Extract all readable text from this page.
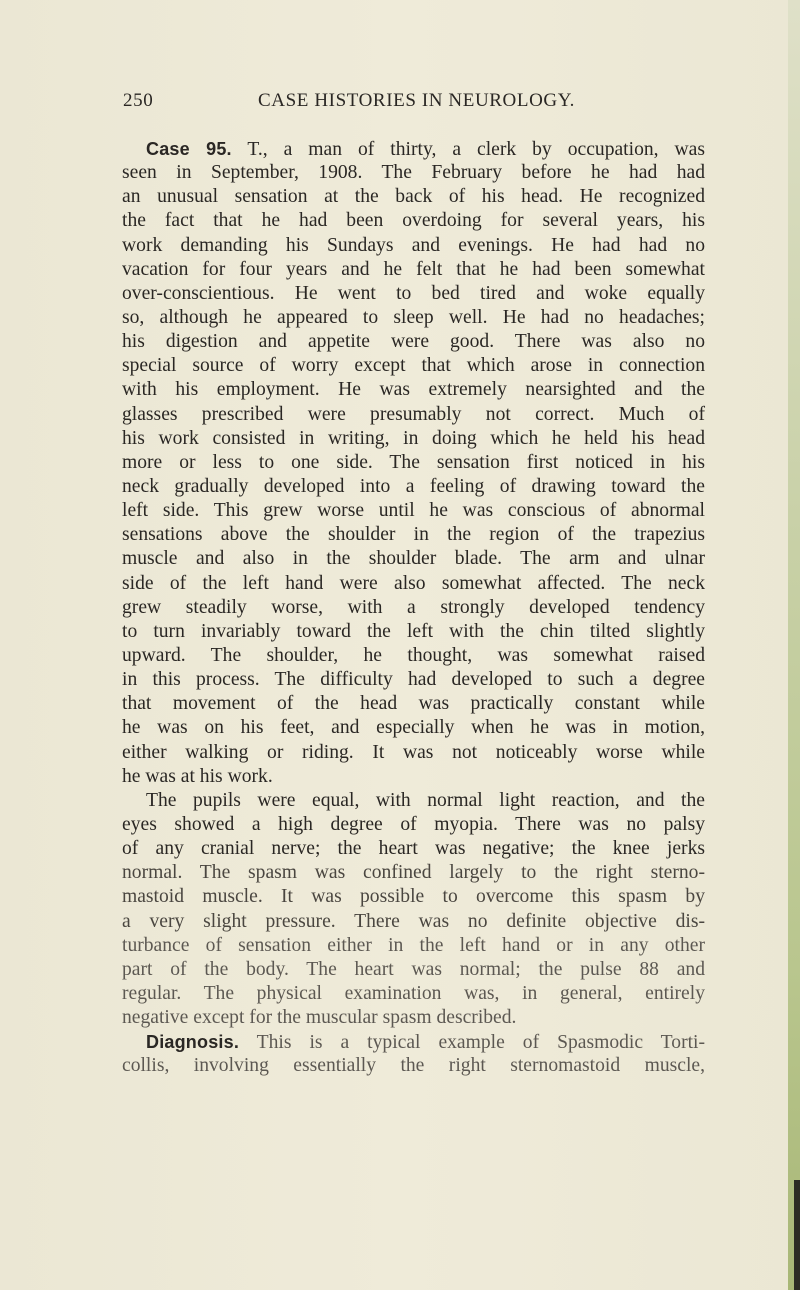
250	CASE HISTORIES IN NEUROLOGY.
Case 95. T., a man of thirty, a clerk by occupation, was
seen in September, 1908. The February before he had had
an unusual sensation at the back of his head. He recognized
the fact that he had been overdoing for several years, his
work demanding his Sundays and evenings. He had had no
vacation for four years and he felt that he had been somewhat
over-conscientious. He went to bed tired and woke equally
so, although he appeared to sleep well. He had no headaches;
his digestion and appetite were good. There was also no
special source of worry except that which arose in connection
with his employment. He was extremely nearsighted and the
glasses prescribed were presumably not correct. Much of
his work consisted in writing, in doing which he held his head
more or less to one side. The sensation first noticed in his
neck gradually developed into a feeling of drawing toward the
left side. This grew worse until he was conscious of abnormal
sensations above the shoulder in the region of the trapezius
muscle and also in the shoulder blade. The arm and ulnar
side of the left hand were also somewhat affected. The neck
grew steadily worse, with a strongly developed tendency
to turn invariably toward the left with the chin tilted slightly
upward. The shoulder, he thought, was somewhat raised
in this process. The difficulty had developed to such a degree
that movement of the head was practically constant while
he was on his feet, and especially when he was in motion,
either walking or riding. It was not noticeably worse while
he was at his work.
The pupils were equal, with normal light reaction, and the
eyes showed a high degree of myopia. There was no palsy
of any cranial nerve; the heart was negative; the knee jerks
normal. The spasm was confined largely to the right sterno-
mastoid muscle. It was possible to overcome this spasm by
a very slight pressure. There was no definite objective dis-
turbance of sensation either in the left hand or in any other
part of the body. The heart was normal; the pulse 88 and
regular. The physical examination was, in general, entirely
negative except for the muscular spasm described.
Diagnosis. This is a typical example of Spasmodic Torti-
collis, involving essentially the right sternomastoid muscle,
